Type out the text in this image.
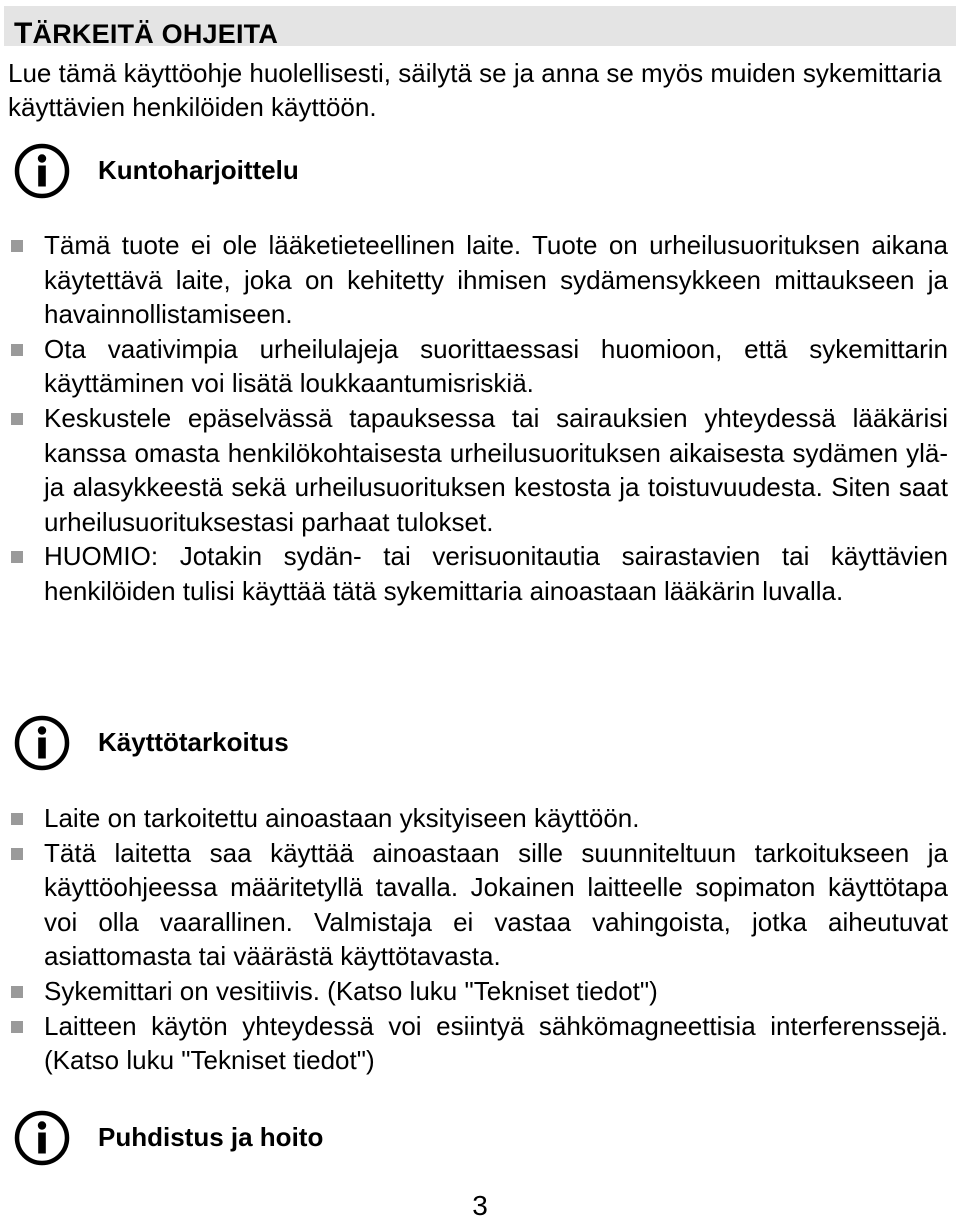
TÄRKEITÄ OHJEITA
Lue tämä käyttöohje huolellisesti, säilytä se ja anna se myös muiden sykemittaria käyttävien henkilöiden käyttöön.
Kuntoharjoittelu
Tämä tuote ei ole lääketieteellinen laite. Tuote on urheilusuorituksen aikana käytettävä laite, joka on kehitetty ihmisen sydämensykkeen mittaukseen ja havainnollistamiseen.
Ota vaativimpia urheilulajeja suorittaessasi huomioon, että sykemittarin käyttäminen voi lisätä loukkaantumisriskiä.
Keskustele epäselvässä tapauksessa tai sairauksien yhteydessä lääkärisi kanssa omasta henkilökohtaisesta urheilusuorituksen aikaisesta sydämen ylä- ja alasykkeestä sekä urheilusuorituksen kestosta ja toistuvuudesta. Siten saat urheilusuorituksestasi parhaat tulokset.
HUOMIO: Jotakin sydän- tai verisuonitautia sairastavien tai käyttävien henkilöiden tulisi käyttää tätä sykemittaria ainoastaan lääkärin luvalla.
Käyttötarkoitus
Laite on tarkoitettu ainoastaan yksityiseen käyttöön.
Tätä laitetta saa käyttää ainoastaan sille suunniteltuun tarkoitukseen ja käyttöohjeessa määritetyllä tavalla. Jokainen laitteelle sopimaton käyttötapa voi olla vaarallinen. Valmistaja ei vastaa vahingoista, jotka aiheutuvat asiattomasta tai väärästä käyttötavasta.
Sykemittari on vesitiivis. (Katso luku "Tekniset tiedot")
Laitteen käytön yhteydessä voi esiintyä sähkömagneettisia interferenssejä. (Katso luku "Tekniset tiedot")
Puhdistus ja hoito
3
